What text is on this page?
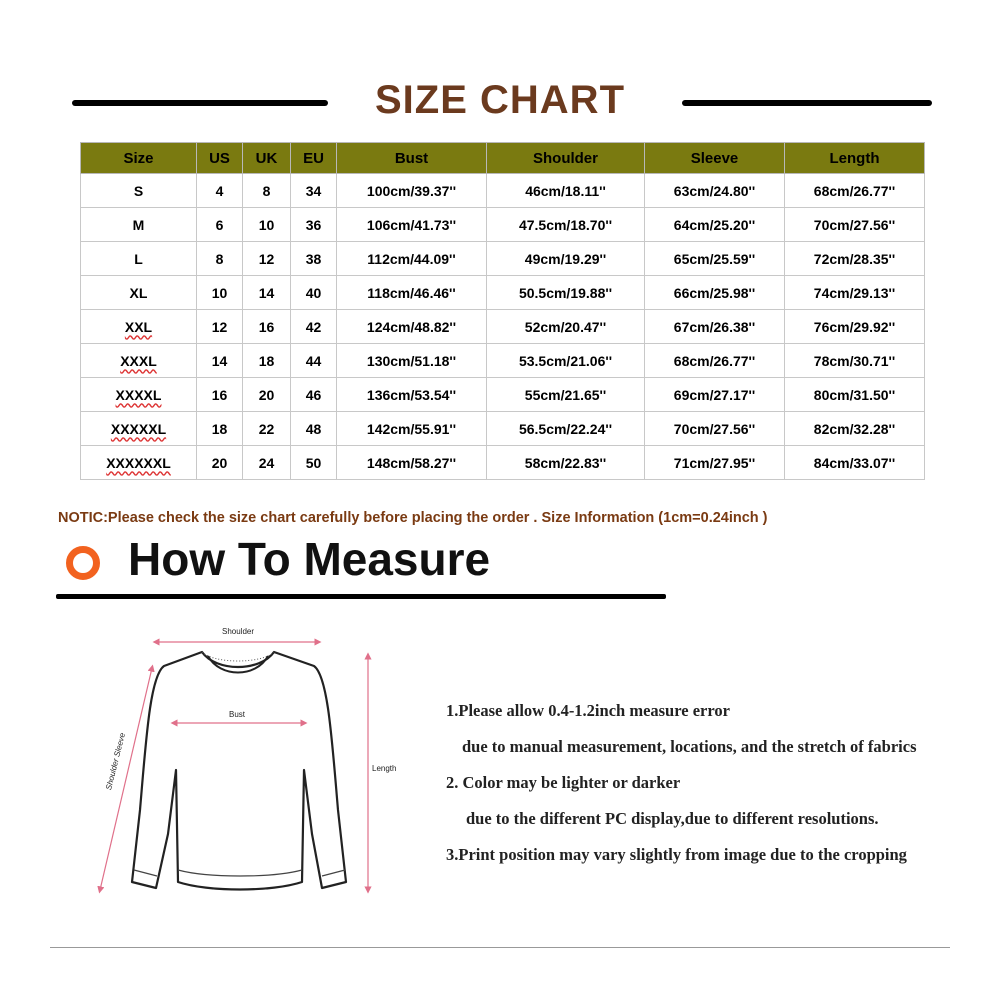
SIZE CHART
Size	US	UK	EU	Bust	Shoulder	Sleeve	Length
S	4	8	34	100cm/39.37''	46cm/18.11''	63cm/24.80''	68cm/26.77''
M	6	10	36	106cm/41.73''	47.5cm/18.70''	64cm/25.20''	70cm/27.56''
L	8	12	38	112cm/44.09''	49cm/19.29''	65cm/25.59''	72cm/28.35''
XL	10	14	40	118cm/46.46''	50.5cm/19.88''	66cm/25.98''	74cm/29.13''
XXL	12	16	42	124cm/48.82''	52cm/20.47''	67cm/26.38''	76cm/29.92''
XXXL	14	18	44	130cm/51.18''	53.5cm/21.06''	68cm/26.77''	78cm/30.71''
XXXXL	16	20	46	136cm/53.54''	55cm/21.65''	69cm/27.17''	80cm/31.50''
XXXXXL	18	22	48	142cm/55.91''	56.5cm/22.24''	70cm/27.56''	82cm/32.28''
XXXXXXL	20	24	50	148cm/58.27''	58cm/22.83''	71cm/27.95''	84cm/33.07''
NOTIC:Please check the size chart carefully before placing the order . Size Information (1cm=0.24inch )
How To Measure
Shoulder
Bust
Shoulder Sleeve	Length
1.Please allow 0.4-1.2inch measure error
due to manual measurement, locations, and the stretch of fabrics
2. Color may be lighter or darker
due to the different PC display,due to different resolutions.
3.Print position may vary slightly from image due to the cropping
